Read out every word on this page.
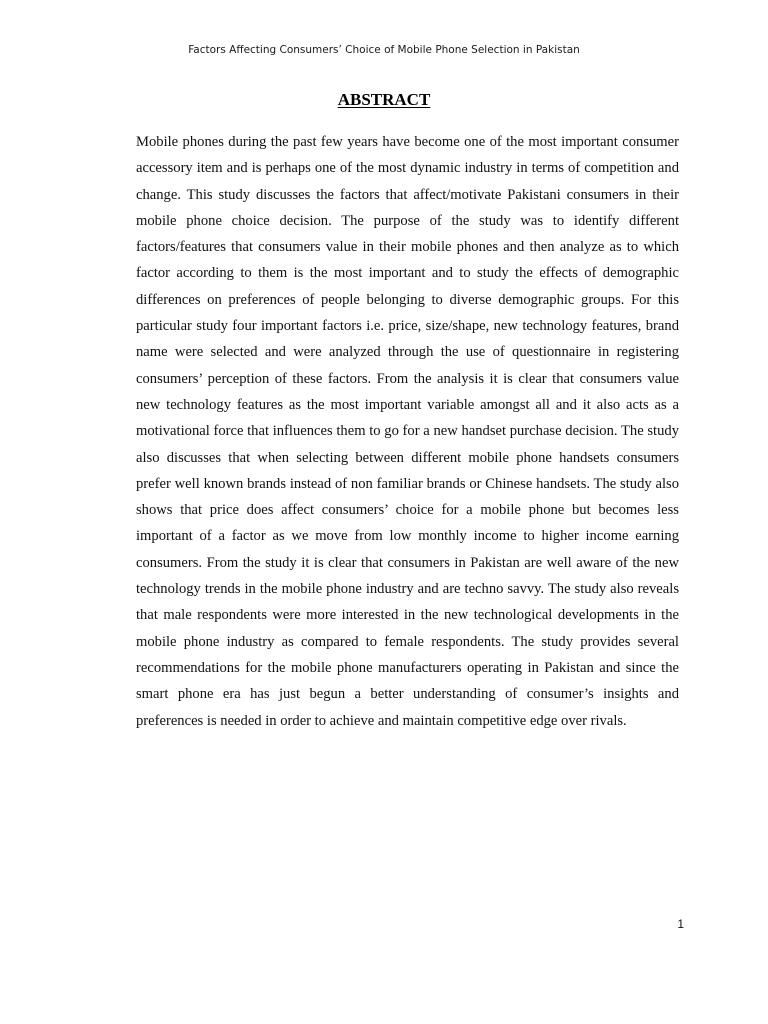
Factors Affecting Consumers’ Choice of Mobile Phone Selection in Pakistan
ABSTRACT

Mobile phones during the past few years have become one of the most important consumer accessory item and is perhaps one of the most dynamic industry in terms of competition and change. This study discusses the factors that affect/motivate Pakistani consumers in their mobile phone choice decision. The purpose of the study was to identify different factors/features that consumers value in their mobile phones and then analyze as to which factor according to them is the most important and to study the effects of demographic differences on preferences of people belonging to diverse demographic groups. For this particular study four important factors i.e. price, size/shape, new technology features, brand name were selected and were analyzed through the use of questionnaire in registering consumers’ perception of these factors. From the analysis it is clear that consumers value new technology features as the most important variable amongst all and it also acts as a motivational force that influences them to go for a new handset purchase decision. The study also discusses that when selecting between different mobile phone handsets consumers prefer well known brands instead of non familiar brands or Chinese handsets. The study also shows that price does affect consumers’ choice for a mobile phone but becomes less important of a factor as we move from low monthly income to higher income earning consumers. From the study it is clear that consumers in Pakistan are well aware of the new technology trends in the mobile phone industry and are techno savvy. The study also reveals that male respondents were more interested in the new technological developments in the mobile phone industry as compared to female respondents. The study provides several recommendations for the mobile phone manufacturers operating in Pakistan and since the smart phone era has just begun a better understanding of consumer’s insights and preferences is needed in order to achieve and maintain competitive edge over rivals.

1
